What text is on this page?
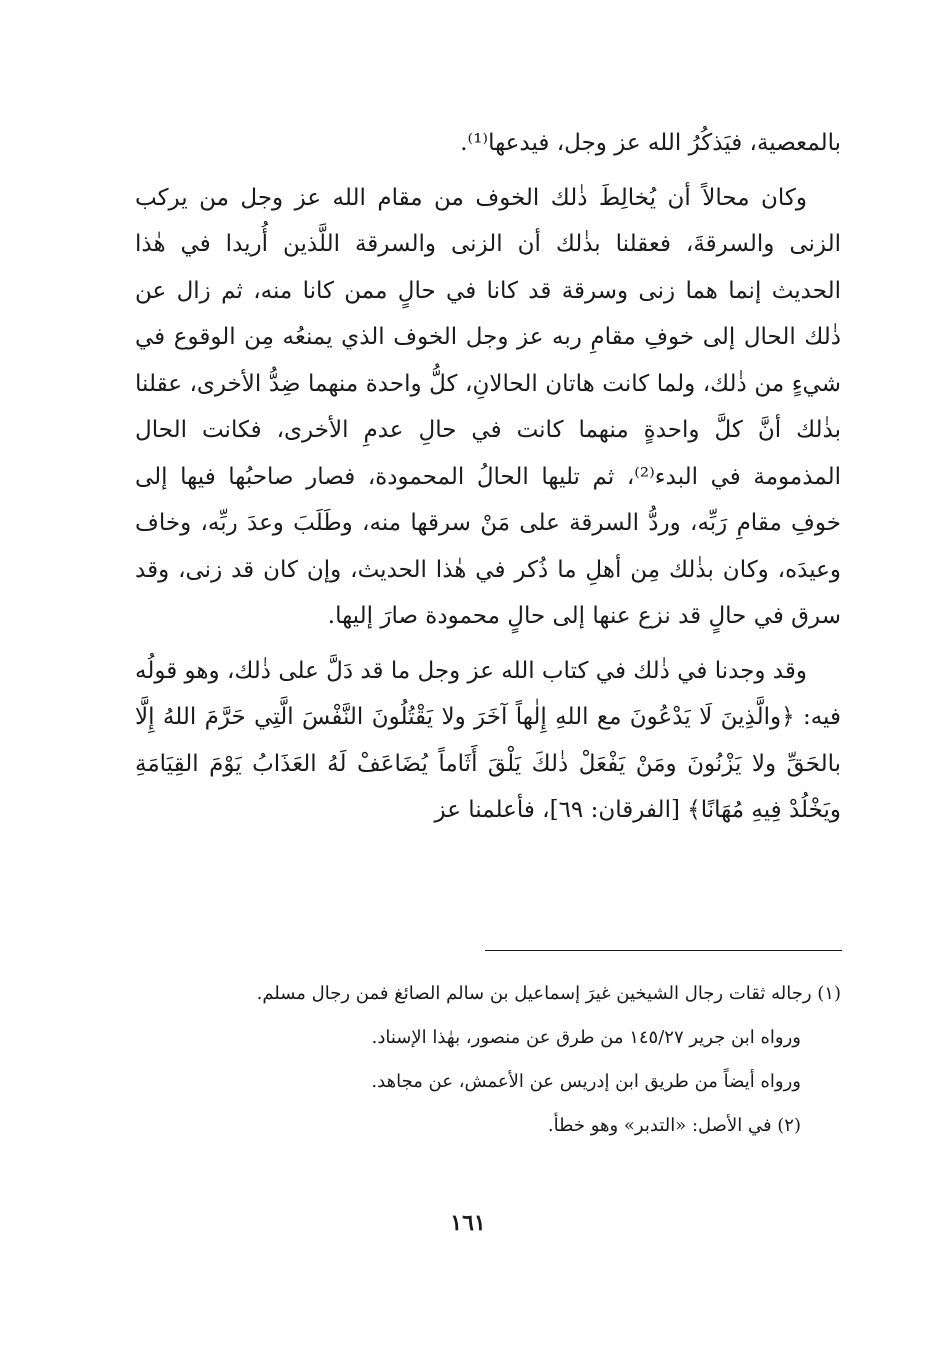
بالمعصية، فيَذكُرُ الله عز وجل، فيدعها⁽¹⁾.

وكان محالاً أن يُخالِطَ ذٰلك الخوف من مقام الله عز وجل من يركب الزنى والسرقةَ، فعقلنا بذٰلك أن الزنى والسرقة اللَّذين أُريدا في هٰذا الحديث إنما هما زنى وسرقة قد كانا في حالٍ ممن كانا منه، ثم زال عن ذٰلك الحال إلى خوفِ مقامِ ربه عز وجل الخوف الذي يمنعُه مِن الوقوع في شيءٍ من ذٰلك، ولما كانت هاتان الحالانِ، كلُّ واحدة منهما ضِدُّ الأخرى، عقلنا بذٰلك أنَّ كلَّ واحدةٍ منهما كانت في حالِ عدمِ الأخرى، فكانت الحال المذمومة في البدء⁽²⁾، ثم تليها الحالُ المحمودة، فصار صاحبُها فيها إلى خوفِ مقامِ رَبِّه، وردُّ السرقة على مَنْ سرقها منه، وطَلَبَ وعدَ ربِّه، وخاف وعيدَه، وكان بذٰلك مِن أهلِ ما ذُكر في هٰذا الحديث، وإن كان قد زنى، وقد سرق في حالٍ قد نزع عنها إلى حالٍ محمودة صارَ إليها.

وقد وجدنا في ذٰلك في كتاب الله عز وجل ما قد دَلَّ على ذٰلك، وهو قولُه فيه: ﴿والَّذِينَ لَا يَدْعُونَ مع اللهِ إِلٰهاً آخَرَ ولا يَقْتُلُونَ النَّفْسَ الَّتِي حَرَّمَ اللهُ إِلَّا بالحَقِّ ولا يَزْنُونَ ومَنْ يَفْعَلْ ذٰلكَ يَلْقَ أَثَاماً يُضَاعَفْ لَهُ العَذَابُ يَوْمَ القِيَامَةِ ويَخْلُدْ فِيهِ مُهَانًا﴾ [الفرقان: ٦٩]، فأعلمنا عز

(١) رجاله ثقات رجال الشيخين غيرَ إسماعيل بن سالم الصائغ فمن رجال مسلم.

ورواه ابن جرير ١٤٥/٢٧ من طرق عن منصور، بهٰذا الإسناد.

ورواه أيضاً من طريق ابن إدريس عن الأعمش، عن مجاهد.

(٢) في الأصل: «التدبر» وهو خطأ.

١٦١
